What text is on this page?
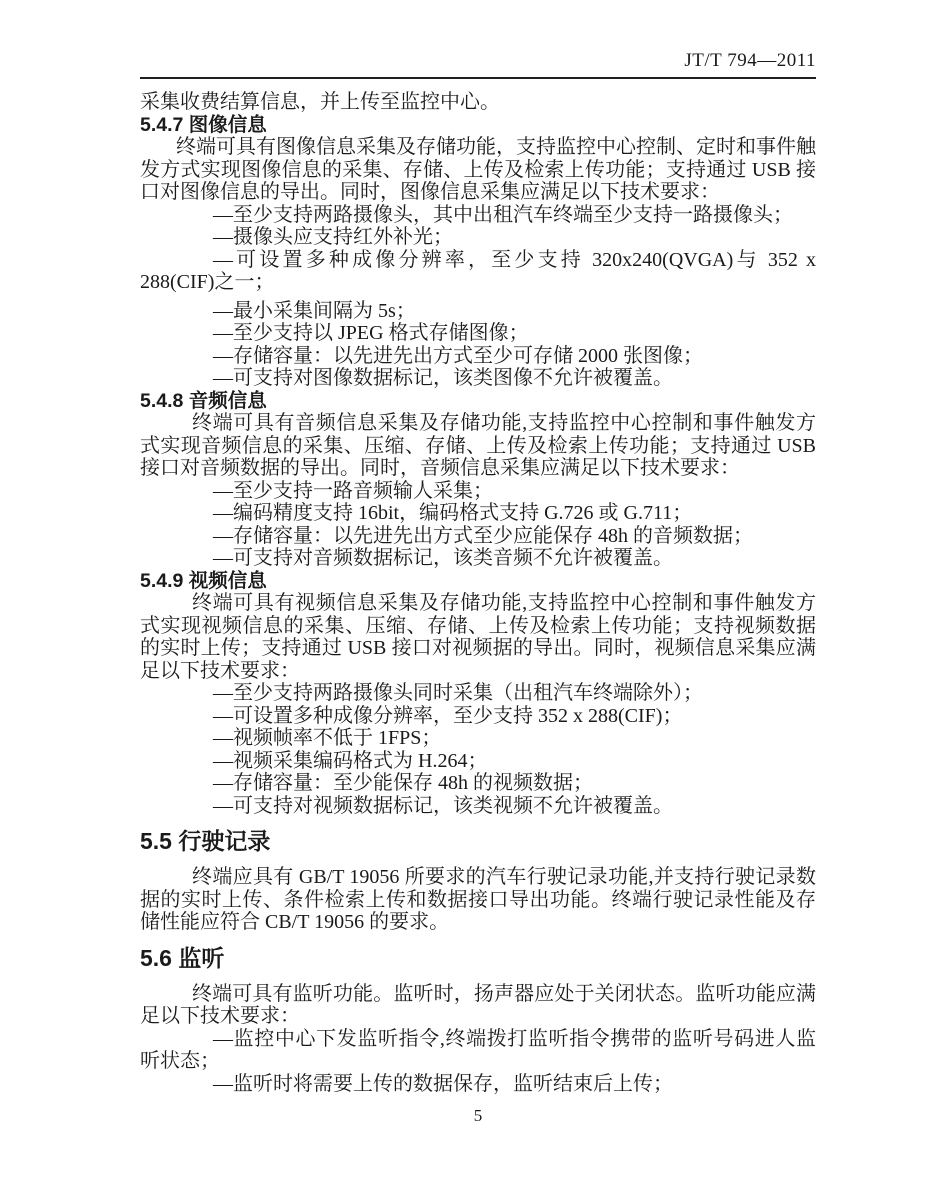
JT/T 794—2011
采集收费结算信息，并上传至监控中心。
5.4.7 图像信息
终端可具有图像信息采集及存储功能，支持监控中心控制、定时和事件触发方式实现图像信息的采集、存储、上传及检索上传功能；支持通过 USB 接口对图像信息的导出。同时，图像信息采集应满足以下技术要求：
—至少支持两路摄像头，其中出租汽车终端至少支持一路摄像头；
—摄像头应支持红外补光；
—可设置多种成像分辨率，至少支持 320x240(QVGA)与 352 x 288(CIF)之一；
—最小采集间隔为 5s；
—至少支持以 JPEG 格式存储图像；
—存储容量：以先进先出方式至少可存储 2000 张图像；
—可支持对图像数据标记，该类图像不允许被覆盖。
5.4.8 音频信息
终端可具有音频信息采集及存储功能,支持监控中心控制和事件触发方式实现音频信息的采集、压缩、存储、上传及检索上传功能；支持通过 USB 接口对音频数据的导出。同时，音频信息采集应满足以下技术要求：
—至少支持一路音频输人采集；
—编码精度支持 16bit，编码格式支持 G.726 或 G.711；
—存储容量：以先进先出方式至少应能保存 48h 的音频数据；
—可支持对音频数据标记，该类音频不允许被覆盖。
5.4.9 视频信息
终端可具有视频信息采集及存储功能,支持监控中心控制和事件触发方式实现视频信息的采集、压缩、存储、上传及检索上传功能；支持视频数据的实时上传；支持通过 USB 接口对视频据的导出。同时，视频信息采集应满足以下技术要求：
—至少支持两路摄像头同时采集（出租汽车终端除外）；
—可设置多种成像分辨率，至少支持 352 x 288(CIF)；
—视频帧率不低于 1FPS；
—视频采集编码格式为 H.264；
—存储容量：至少能保存 48h 的视频数据；
—可支持对视频数据标记，该类视频不允许被覆盖。
5.5 行驶记录
终端应具有 GB/T 19056 所要求的汽车行驶记录功能,并支持行驶记录数据的实时上传、条件检索上传和数据接口导出功能。终端行驶记录性能及存储性能应符合 CB/T 19056 的要求。
5.6 监听
终端可具有监听功能。监听时，扬声器应处于关闭状态。监听功能应满足以下技术要求：
—监控中心下发监听指令,终端拨打监听指令携带的监听号码进人监听状态；
—监听时将需要上传的数据保存，监听结束后上传；
5
